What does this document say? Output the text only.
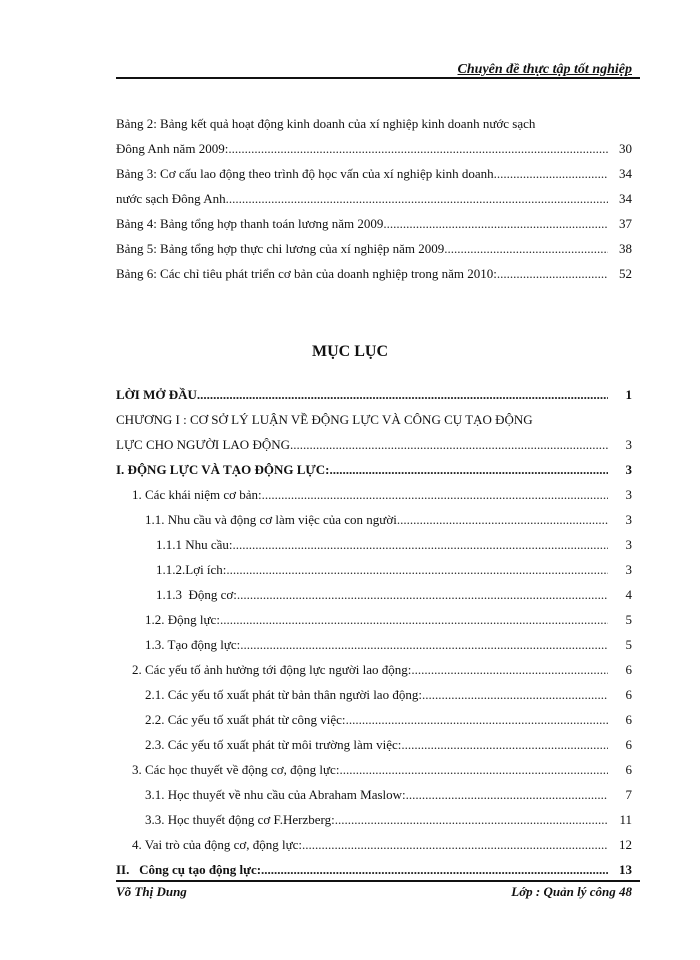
Chuyên đề thực tập tốt nghiệp
Bảng 2: Bảng kết quả hoạt động kinh doanh của xí nghiệp kinh doanh nước sạch
Đông Anh năm 2009: .....	30
Bảng 3: Cơ cấu lao động theo trình độ học vấn của xí nghiệp kinh doanh .....	34
nước sạch Đông Anh .....	34
Bảng 4: Bảng tổng hợp thanh toán lương năm 2009 .....	37
Bảng 5: Bảng tổng hợp thực chi lương của xí nghiệp năm 2009 .....	38
Bảng 6: Các chỉ tiêu phát triển cơ bản của doanh nghiệp trong năm 2010: .....	52
MỤC LỤC
LỜI MỞ ĐẦU .....	1
CHƯƠNG I : CƠ SỞ LÝ LUẬN VỀ ĐỘNG LỰC VÀ CÔNG CỤ TẠO ĐỘNG
LỰC CHO NGƯỜI LAO ĐỘNG. .....	3
I. ĐỘNG LỰC VÀ TẠO ĐỘNG LỰC: .....	3
1. Các khái niệm cơ bản: .....	3
1.1. Nhu cầu và động cơ làm việc của con người .....	3
1.1.1 Nhu cầu: .....	3
1.1.2.Lợi ích: .....	3
1.1.3  Động cơ: .....	4
1.2. Động lực: .....	5
1.3. Tạo động lực: .....	5
2. Các yếu tố ảnh hưởng tới động lực người lao động: .....	6
2.1. Các yếu tố xuất phát từ bản thân người lao động: .....	6
2.2. Các yếu tố xuất phát từ công việc: .....	6
2.3. Các yếu tố xuất phát từ môi trường làm việc: .....	6
3. Các học thuyết về động cơ, động lực: .....	6
3.1. Học thuyết về nhu cầu của Abraham Maslow: .....	7
3.3. Học thuyết động cơ F.Herzberg: .....	11
4. Vai trò của động cơ, động lực: .....	12
II.   Công cụ tạo động lực: .....	13
Võ Thị Dung	Lớp : Quản lý công 48
